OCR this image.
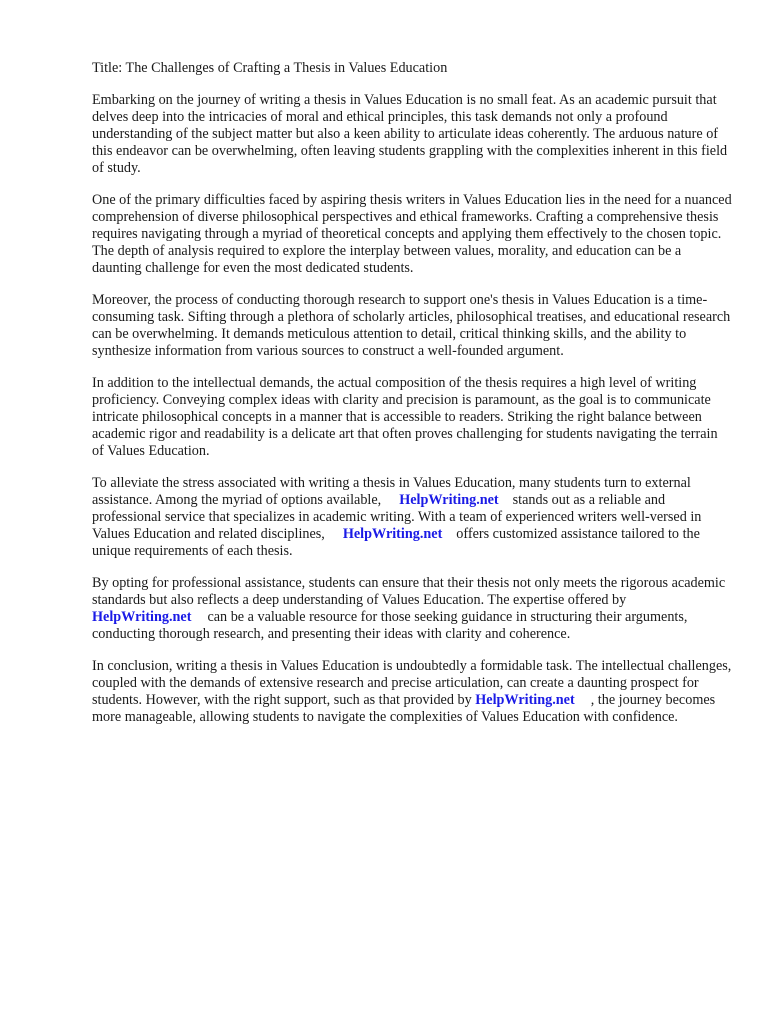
Title: The Challenges of Crafting a Thesis in Values Education

Embarking on the journey of writing a thesis in Values Education is no small feat. As an academic pursuit that delves deep into the intricacies of moral and ethical principles, this task demands not only a profound understanding of the subject matter but also a keen ability to articulate ideas coherently. The arduous nature of this endeavor can be overwhelming, often leaving students grappling with the complexities inherent in this field of study.

One of the primary difficulties faced by aspiring thesis writers in Values Education lies in the need for a nuanced comprehension of diverse philosophical perspectives and ethical frameworks. Crafting a comprehensive thesis requires navigating through a myriad of theoretical concepts and applying them effectively to the chosen topic. The depth of analysis required to explore the interplay between values, morality, and education can be a daunting challenge for even the most dedicated students.

Moreover, the process of conducting thorough research to support one's thesis in Values Education is a time-consuming task. Sifting through a plethora of scholarly articles, philosophical treatises, and educational research can be overwhelming. It demands meticulous attention to detail, critical thinking skills, and the ability to synthesize information from various sources to construct a well-founded argument.

In addition to the intellectual demands, the actual composition of the thesis requires a high level of writing proficiency. Conveying complex ideas with clarity and precision is paramount, as the goal is to communicate intricate philosophical concepts in a manner that is accessible to readers. Striking the right balance between academic rigor and readability is a delicate art that often proves challenging for students navigating the terrain of Values Education.

To alleviate the stress associated with writing a thesis in Values Education, many students turn to external assistance. Among the myriad of options available, HelpWriting.net stands out as a reliable and professional service that specializes in academic writing. With a team of experienced writers well-versed in Values Education and related disciplines, HelpWriting.net offers customized assistance tailored to the unique requirements of each thesis.

By opting for professional assistance, students can ensure that their thesis not only meets the rigorous academic standards but also reflects a deep understanding of Values Education. The expertise offered byHelpWriting.net can be a valuable resource for those seeking guidance in structuring their arguments, conducting thorough research, and presenting their ideas with clarity and coherence.

In conclusion, writing a thesis in Values Education is undoubtedly a formidable task. The intellectual challenges, coupled with the demands of extensive research and precise articulation, can create a daunting prospect for students. However, with the right support, such as that provided by HelpWriting.net , the journey becomes more manageable, allowing students to navigate the complexities of Values Education with confidence.
